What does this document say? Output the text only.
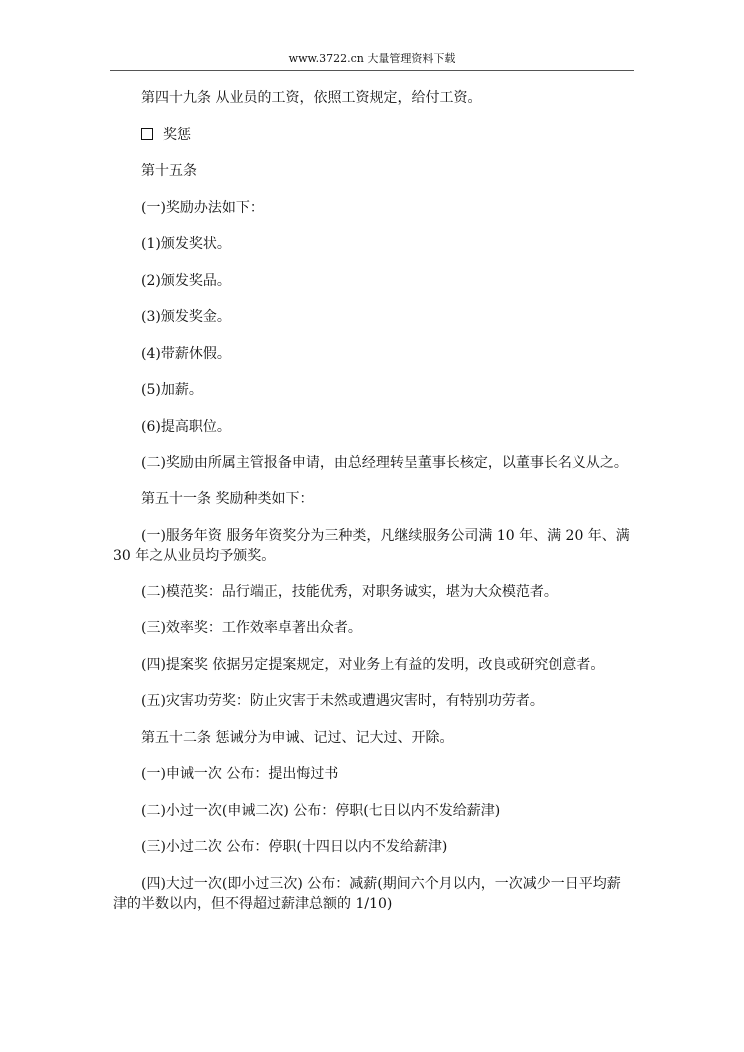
www.3722.cn 大量管理资料下载

第四十九条 从业员的工资，依照工资规定，给付工资。

奖惩

第十五条

(一)奖励办法如下：

(1)颁发奖状。

(2)颁发奖品。

(3)颁发奖金。

(4)带薪休假。

(5)加薪。

(6)提高职位。

(二)奖励由所属主管报备申请，由总经理转呈董事长核定，以董事长名义从之。

第五十一条 奖励种类如下：

(一)服务年资 服务年资奖分为三种类，凡继续服务公司满 10 年、满 20 年、满 30 年之从业员均予颁奖。

(二)模范奖：品行端正，技能优秀，对职务诚实，堪为大众模范者。

(三)效率奖：工作效率卓著出众者。

(四)提案奖 依据另定提案规定，对业务上有益的发明，改良或研究创意者。

(五)灾害功劳奖：防止灾害于未然或遭遇灾害时，有特别功劳者。

第五十二条 惩诫分为申诫、记过、记大过、开除。

(一)申诫一次 公布：提出悔过书

(二)小过一次(申诫二次) 公布：停职(七日以内不发给薪津)

(三)小过二次 公布：停职(十四日以内不发给薪津)

(四)大过一次(即小过三次) 公布：减薪(期间六个月以内，一次减少一日平均薪津的半数以内，但不得超过薪津总额的 1/10)
